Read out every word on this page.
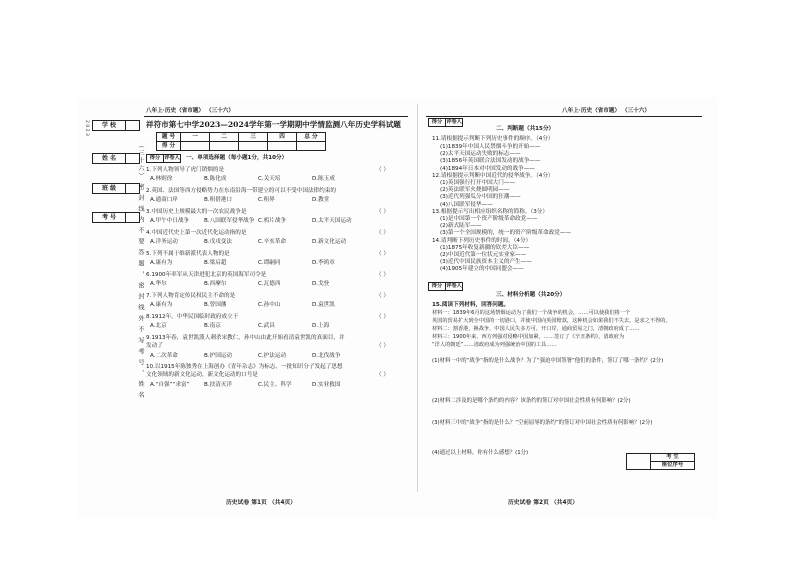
2023	学 校
姓 名
班 级
考 号	（三十六） 密 封 线 内 不 要 答 题 ， 密 封 线 外 不 写 考 号 、 姓 名
八年上·历史（省市题） （三十六）
祥符市第七中学2023—2024学年第一学期期中学情监测八年历史学科试题
题 号	一	二	三	四	总 分
得 分					
得分	评卷人 一、单项选择题（每小题1分，共10分）
1.下列人物领导了虎门销烟的是	（ ）
A.林则徐	B.陈化成	C.关天培	D.陈玉成
2.英国、法国等西方侵略势力在东南沿海一带建立的可以不受中国法律约束的
A.通商口岸	B.租借港口	C.租界	D.教堂
3.中国历史上规模最大的一次农民战争是	（ ）
A.甲午中日战争	B.八国联军侵华战争 C.鸦片战争	D.太平天国运动
4.中国近代史上第一次近代化运动指的是	（ ）
A.洋务运动	B.戊戌变法	C.辛亥革命	D.新文化运动
5.下列不属于维新派代表人物的是	（ ）
A.康有为	B.梁启超	C.谭嗣同	D.李鸿章
6.1900年率军从天津进犯北京的英国海军司令是	（ ）
A.华尔	B.西摩尔	C.瓦德西	D.戈登
7.下列人物肯定传民权民主不命的是	（ ）
A.康有为	B.曾国藩	C.孙中山	D.袁世凯
8.1912年，中华民国临时政府成立于	（ ）
A.北京	B.南京	C.武昌	D.上海
9.1913年春，袁世凯派人刺杀宋教仁，孙中山由此开始看清袁世凯的真面目，并
发动了	（ ）
A.二次革命	B.护国运动	C.护法运动	D.北伐战争
10.以1915年陈独秀在上海创办《青年杂志》为标志，一批知识分子发起了思想
文化领域的新文化运动，新文化运动的口号是	（ ）
A.“自强”“求富”	B.扶清灭洋	C.民主、科学	D.实业救国
历史试卷 第1页 （共4页）
八年上·历史（省市题） （三十六）
得分	评卷人
二、判断题（共15分）
11.请根据提示判断下列历史事件的顺序。（4分）
(1)1839年中国人民禁烟斗争的开始——
(2)太平天国运动失败的标志——
(3)1856年英国联合法国发动的战争——
(4)1894年日本对中国发动的战争——
12.请根据提示判断中国近代的侵华战争。（4分）
(1)英国强行打开中国大门——
(2)英法联军火烧圆明园——
(3)近代列强瓜分中国的狂潮——
(4)八国联军侵华——
13.根据提示写出相应组织名称的简称。（3分）
(1)是中国第一个资产阶级革命政党——
(2)新式陆军——
(3)第一个全国规模的，统一的资产阶级革命政党——
14.请判断下列历史事件的时间。（4分）
(1)1875年收复新疆的钦差大臣——
(2)中国近代第一位状元实业家——
(3)近代中国民族资本主义的产生——
(4)1905年建立的中国同盟会——
得分	评卷人
三、材料分析题（共20分）
15.阅读下列材料，回答问题。
材料一：1839年6月的这场禁烟运动为了我们一个战争的机会，……可以使我们将一个
英国的贸易扩大到全中国的一切港口，并使中国向英国赔款，这种机会如果我们不失去，是求之不得的。
材料二：割香港，换战争，中国人民失多方可。开口岸，通商贸易之门，清朝政府成了……
材料三：1900年来，西方列强对侵略中国加紧，……签订了《辛丑条约》，清政府为
“洋人的朝廷”……清政府成为列强统治中国的工具……
(1)材料一中的“战争”指的是什么战争？为了“强迫中国签署”他们的条件，签订了哪一条约？(2分)
(2)材料二涉及的是哪个条约的内容？该条约的签订对中国社会性质有何影响？(2分)
(3)材料三中的“战争”指的是什么？“空前屈辱的条约”的签订对中国社会性质有何影响？(2分)
(4)通过以上材料，你有什么感想？(1分)
	考 生
座位序号
历史试卷 第2页 （共4页）
